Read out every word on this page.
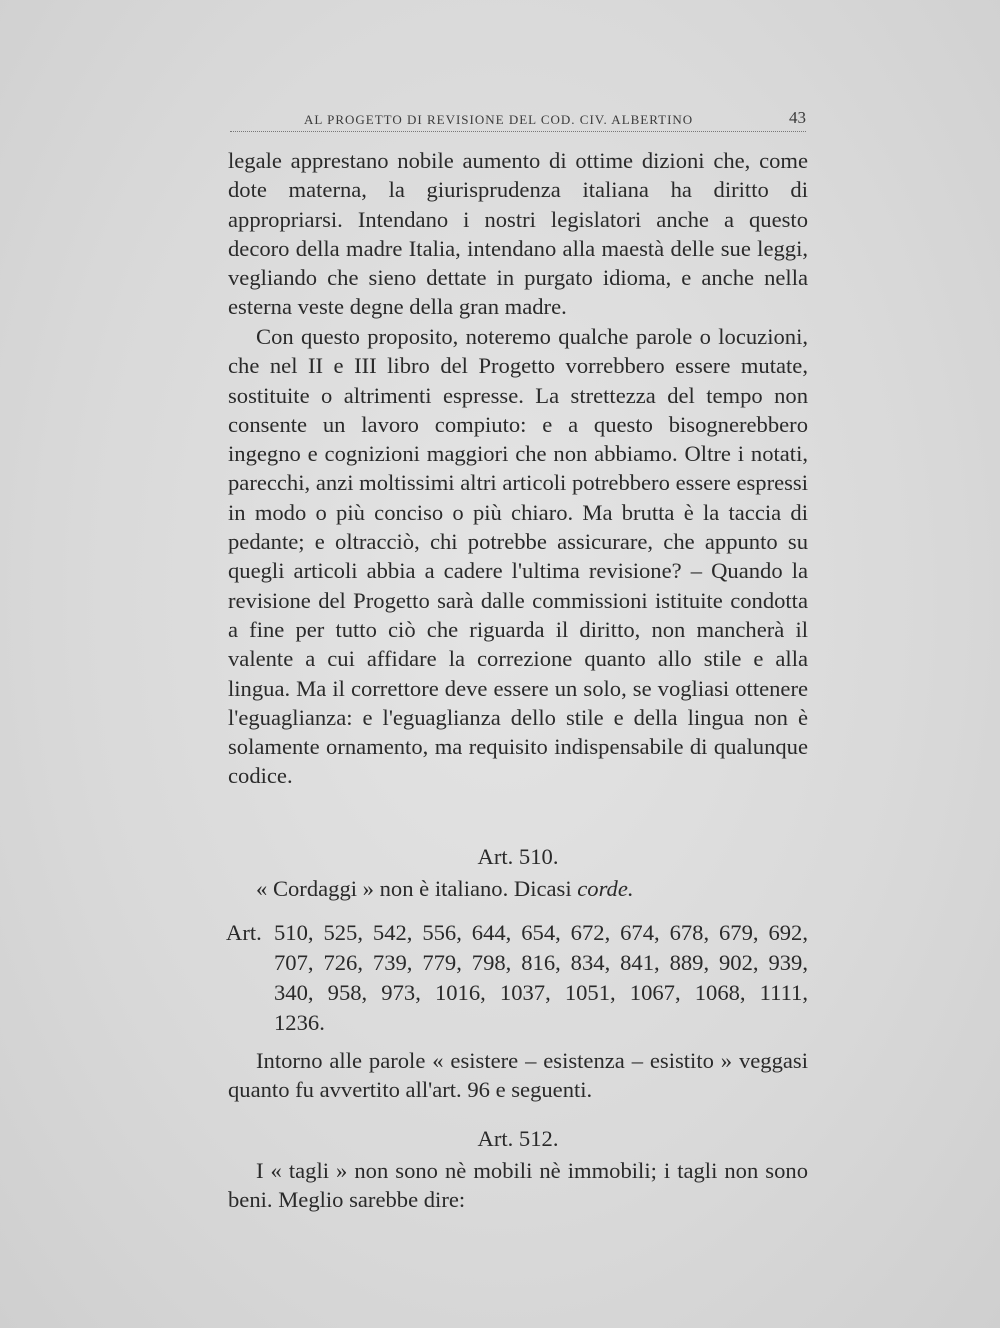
AL PROGETTO DI REVISIONE DEL COD. CIV. ALBERTINO	43
legale apprestano nobile aumento di ottime dizioni che, come dote materna, la giurisprudenza italiana ha diritto di appropriarsi. Intendano i nostri legislatori anche a questo decoro della madre Italia, intendano alla maestà delle sue leggi, vegliando che sieno dettate in purgato idioma, e anche nella esterna veste degne della gran madre.
Con questo proposito, noteremo qualche parole o locuzioni, che nel II e III libro del Progetto vorrebbero essere mutate, sostituite o altrimenti espresse. La strettezza del tempo non consente un lavoro compiuto: e a questo bisognerebbero ingegno e cognizioni maggiori che non abbiamo. Oltre i notati, parecchi, anzi moltissimi altri articoli potrebbero essere espressi in modo o più conciso o più chiaro. Ma brutta è la taccia di pedante; e oltracciò, chi potrebbe assicurare, che appunto su quegli articoli abbia a cadere l'ultima revisione? – Quando la revisione del Progetto sarà dalle commissioni istituite condotta a fine per tutto ciò che riguarda il diritto, non mancherà il valente a cui affidare la correzione quanto allo stile e alla lingua. Ma il correttore deve essere un solo, se vogliasi ottenere l'eguaglianza: e l'eguaglianza dello stile e della lingua non è solamente ornamento, ma requisito indispensabile di qualunque codice.
Art. 510.
« Cordaggi » non è italiano. Dicasi corde.
Art. 510, 525, 542, 556, 644, 654, 672, 674, 678, 679, 692, 707, 726, 739, 779, 798, 816, 834, 841, 889, 902, 939, 340, 958, 973, 1016, 1037, 1051, 1067, 1068, 1111, 1236.
Intorno alle parole « esistere – esistenza – esistito » veggasi quanto fu avvertito all'art. 96 e seguenti.
Art. 512.
I « tagli » non sono nè mobili nè immobili; i tagli non sono beni. Meglio sarebbe dire:
